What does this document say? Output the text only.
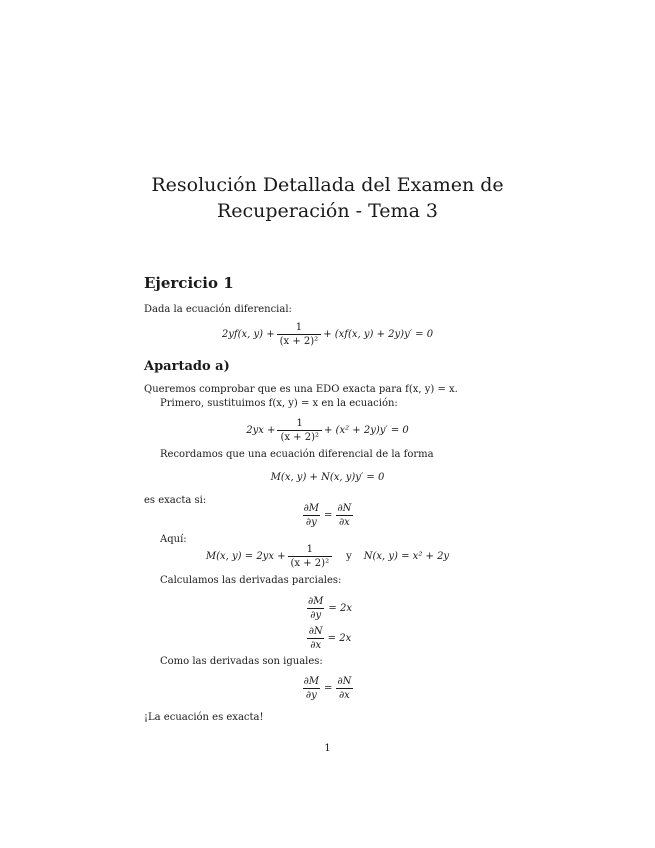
Resolución Detallada del Examen de
Recuperación - Tema 3
Ejercicio 1
Dada la ecuación diferencial:
2yf(x, $y) + \frac{1}{\text{(x + 2)²}} + (xf(x$, y) + 2y)y′ = 0
Apartado a)
Queremos comprobar que es una EDO exacta para f(x, y) = x.
Primero, sustituimos f(x, y) = x en la ecuación:
$2yx + \frac{1}{\text{(x + 2)²}} + (x^2 + 2y)y' = 0$
Recordamos que una ecuación diferencial de la forma
M(x, y) + N(x, y)y′ = 0
es exacta si:
$\frac{\partial M}{\partial y} = \frac{\partial N}{\partial x}$
Aquí:
M(x, $y) = 2yx + \frac{1}{\text{(x + 2)²}}$ y N(x, y) = x² + 2y
Calculamos las derivadas parciales:
$\frac{\partial M}{\partial y} = 2x$
$\frac{\partial N}{\partial x} = 2x$
Como las derivadas son iguales:
$\frac{\partial M}{\partial y} = \frac{\partial N}{\partial x}$
¡La ecuación es exacta!
1
